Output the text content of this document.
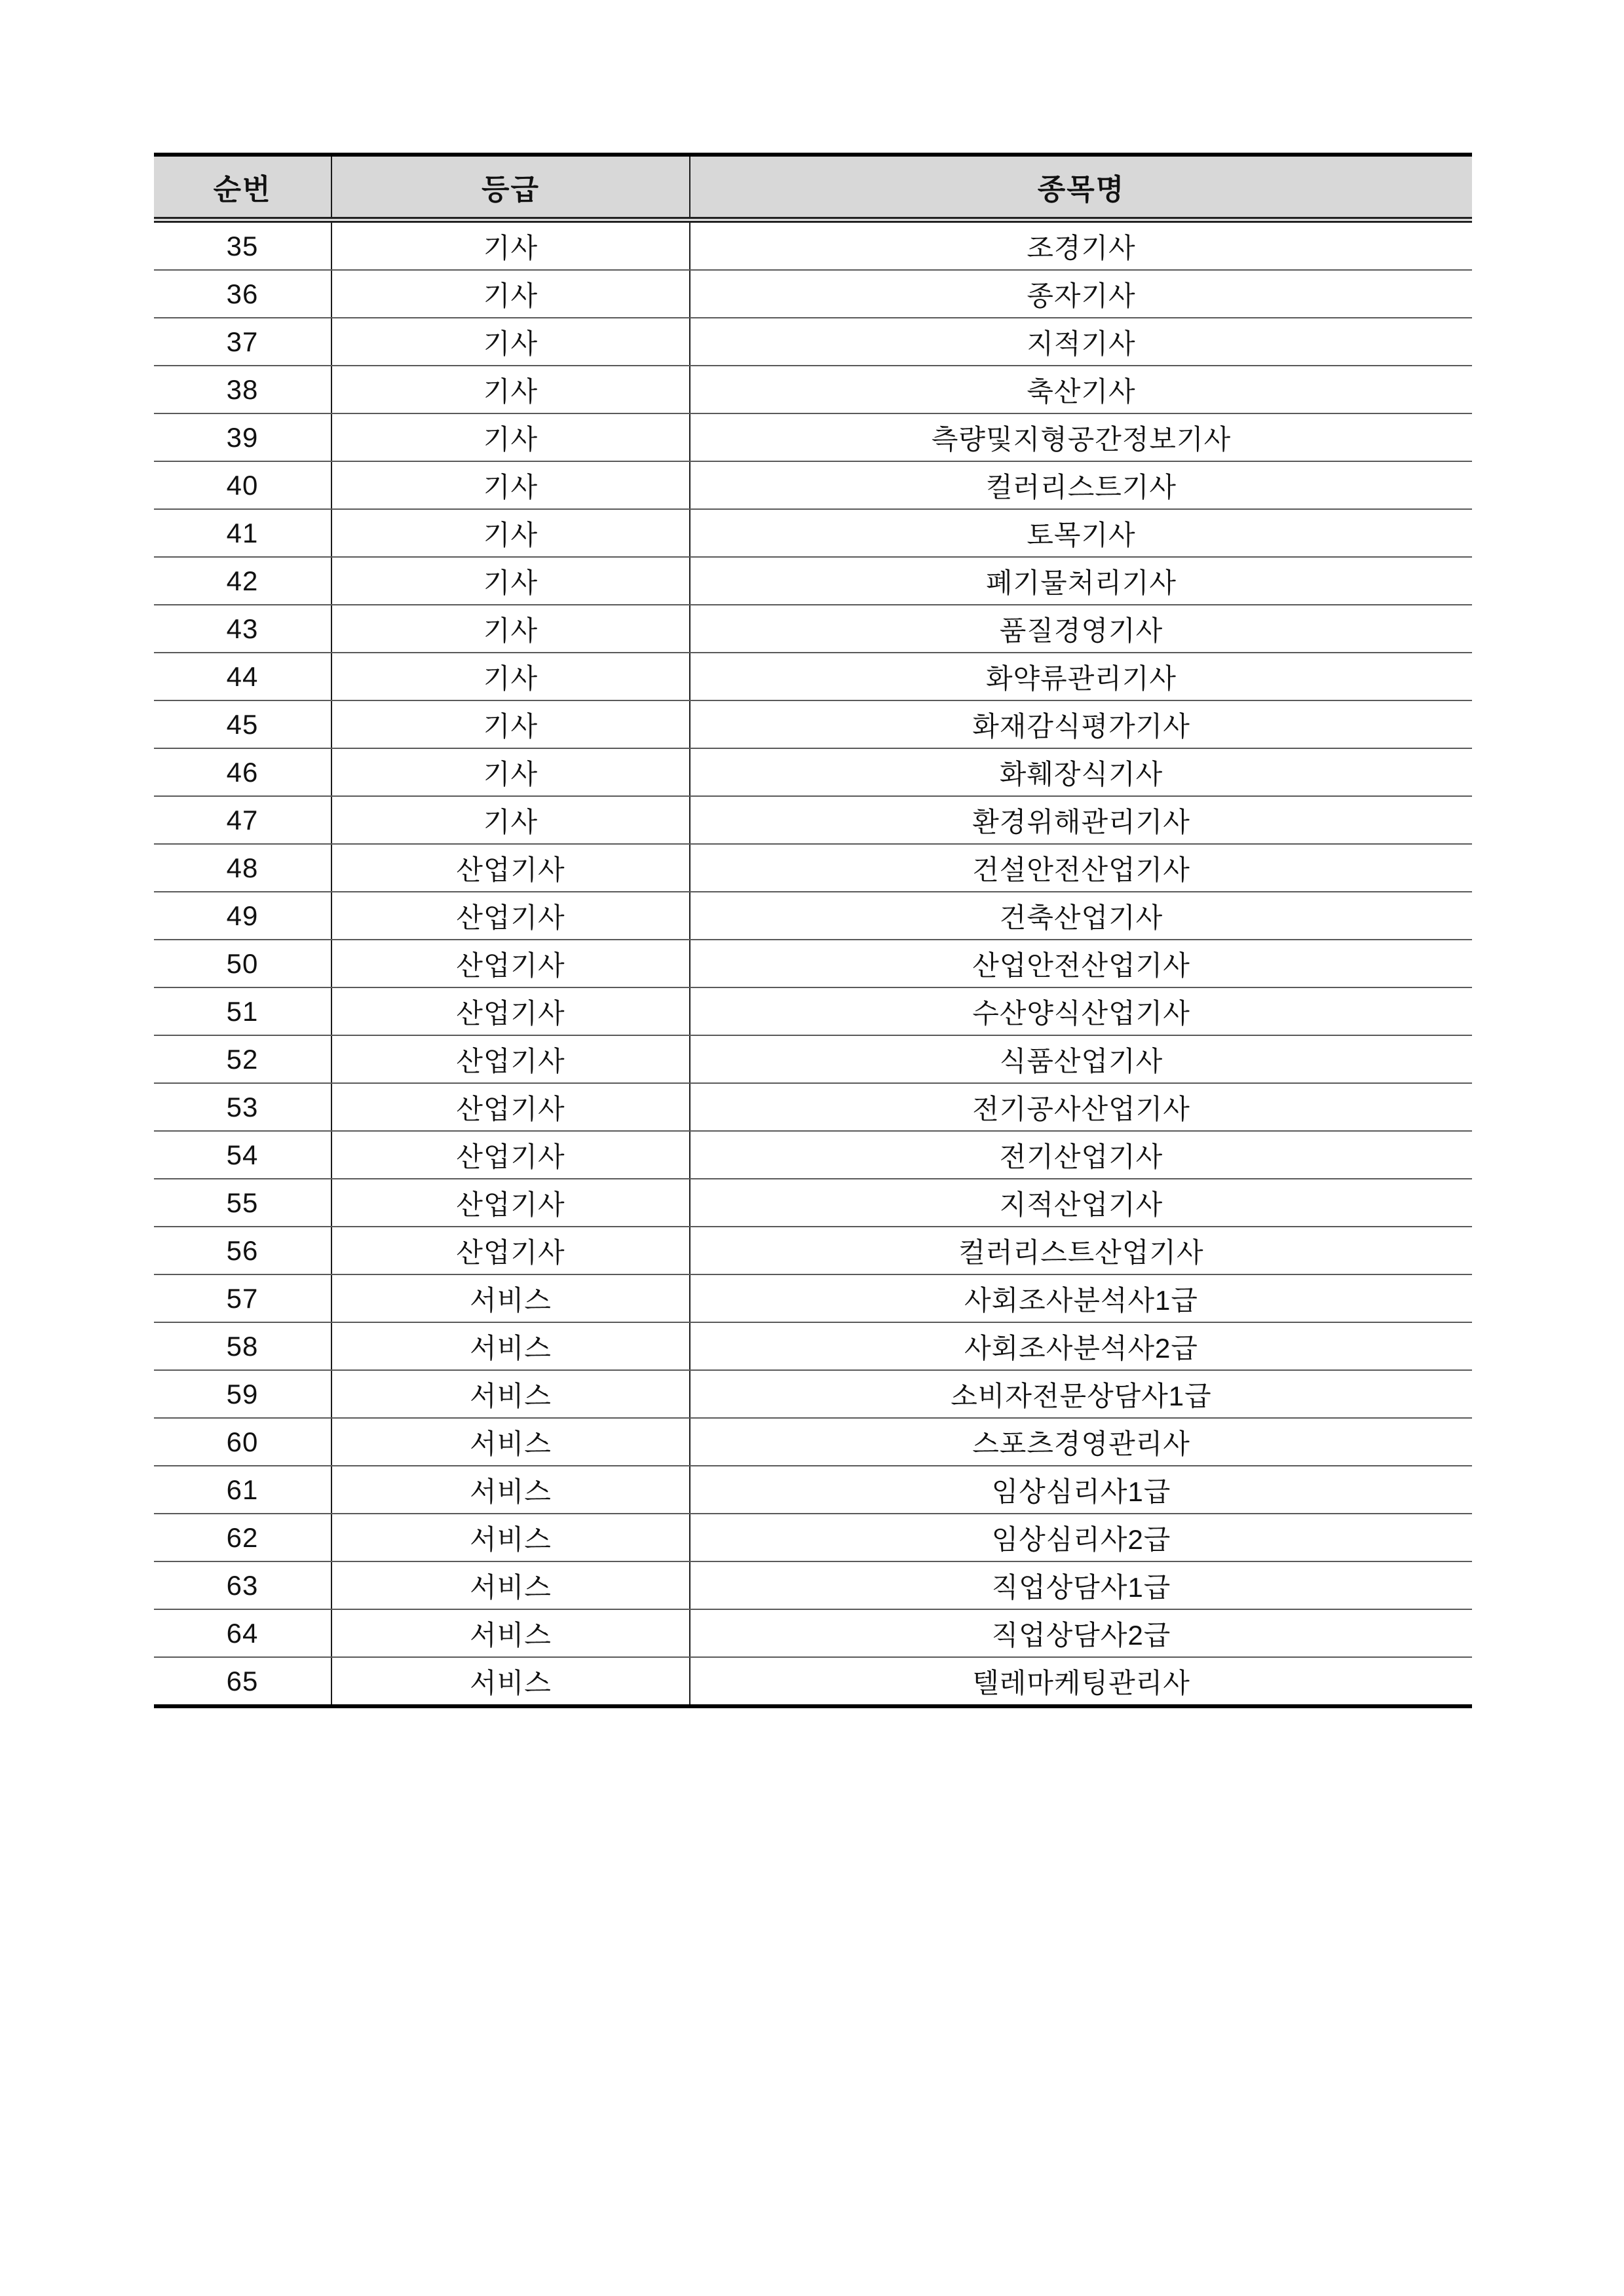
순번	등급	종목명
35	기사	조경기사
36	기사	종자기사
37	기사	지적기사
38	기사	축산기사
39	기사	측량및지형공간정보기사
40	기사	컬러리스트기사
41	기사	토목기사
42	기사	폐기물처리기사
43	기사	품질경영기사
44	기사	화약류관리기사
45	기사	화재감식평가기사
46	기사	화훼장식기사
47	기사	환경위해관리기사
48	산업기사	건설안전산업기사
49	산업기사	건축산업기사
50	산업기사	산업안전산업기사
51	산업기사	수산양식산업기사
52	산업기사	식품산업기사
53	산업기사	전기공사산업기사
54	산업기사	전기산업기사
55	산업기사	지적산업기사
56	산업기사	컬러리스트산업기사
57	서비스	사회조사분석사1급
58	서비스	사회조사분석사2급
59	서비스	소비자전문상담사1급
60	서비스	스포츠경영관리사
61	서비스	임상심리사1급
62	서비스	임상심리사2급
63	서비스	직업상담사1급
64	서비스	직업상담사2급
65	서비스	텔레마케팅관리사
